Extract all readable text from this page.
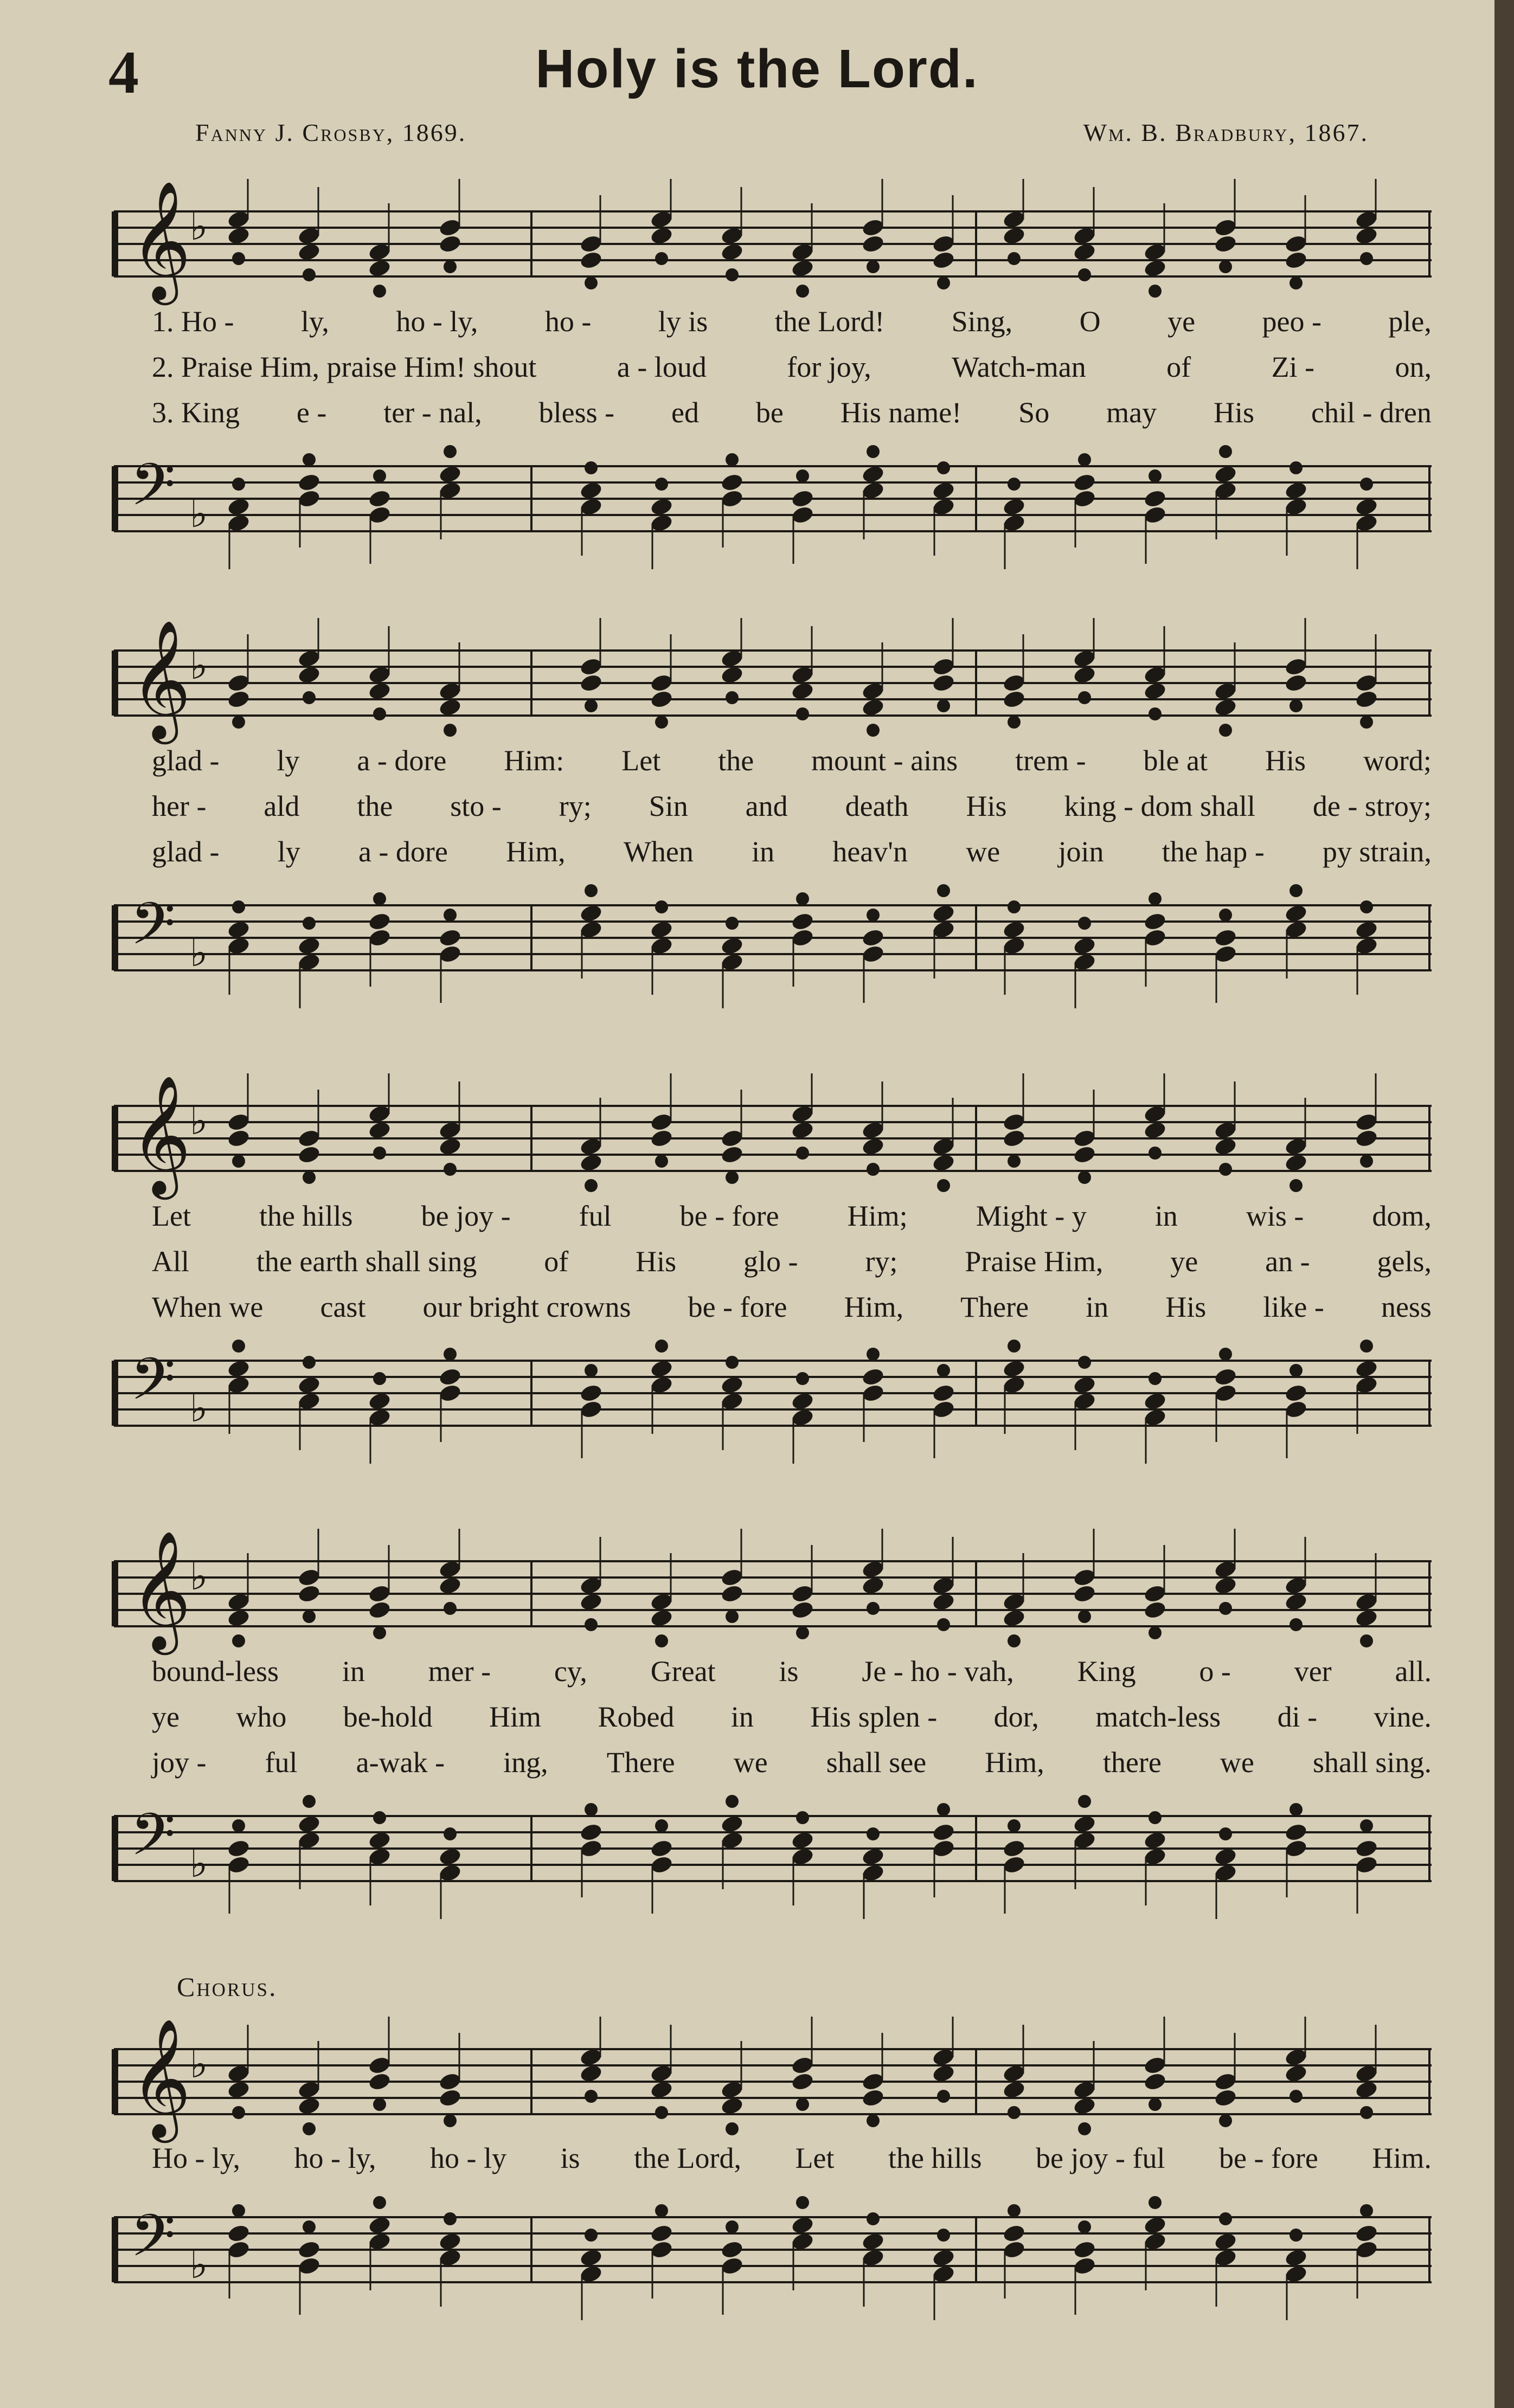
4	Holy is the Lord.
Fanny J. Crosby, 1869.	Wm. B. Bradbury, 1867.
𝄞
♭
1. Ho - ly, ho - ly, ho - ly is the Lord! Sing, O ye peo - ple,
2. Praise Him, praise Him! shout	a - loud	for joy,	Watch-man	of	Zi -	on,
3. King e - ter - nal, bless - ed be His name! So may His chil - dren
𝄢 ♭
𝄞
♭
glad - ly a - dore Him: Let the mount - ains trem - ble at His word;
her - ald the sto - ry; Sin and death His king - dom shall de - stroy;
glad - ly a - dore Him, When in heav'n we join the hap - py strain,
𝄢 ♭
𝄞
♭
Let the hills be joy - ful be - fore Him; Might - y in wis - dom,
All the earth shall sing of His glo - ry; Praise Him, ye an - gels,
When we cast our bright crowns be - fore Him, There in His like - ness
𝄢 ♭
𝄞
♭
bound-less in mer - cy, Great is Je - ho - vah, King o - ver all.
ye who be-hold Him Robed in His splen - dor, match-less di - vine.
joy - ful a-wak - ing, There we shall see Him, there we shall sing.
𝄢 ♭
Chorus.
𝄞
♭
Ho - ly, ho - ly, ho - ly is the Lord, Let the hills be joy - ful be - fore Him.
𝄢 ♭
